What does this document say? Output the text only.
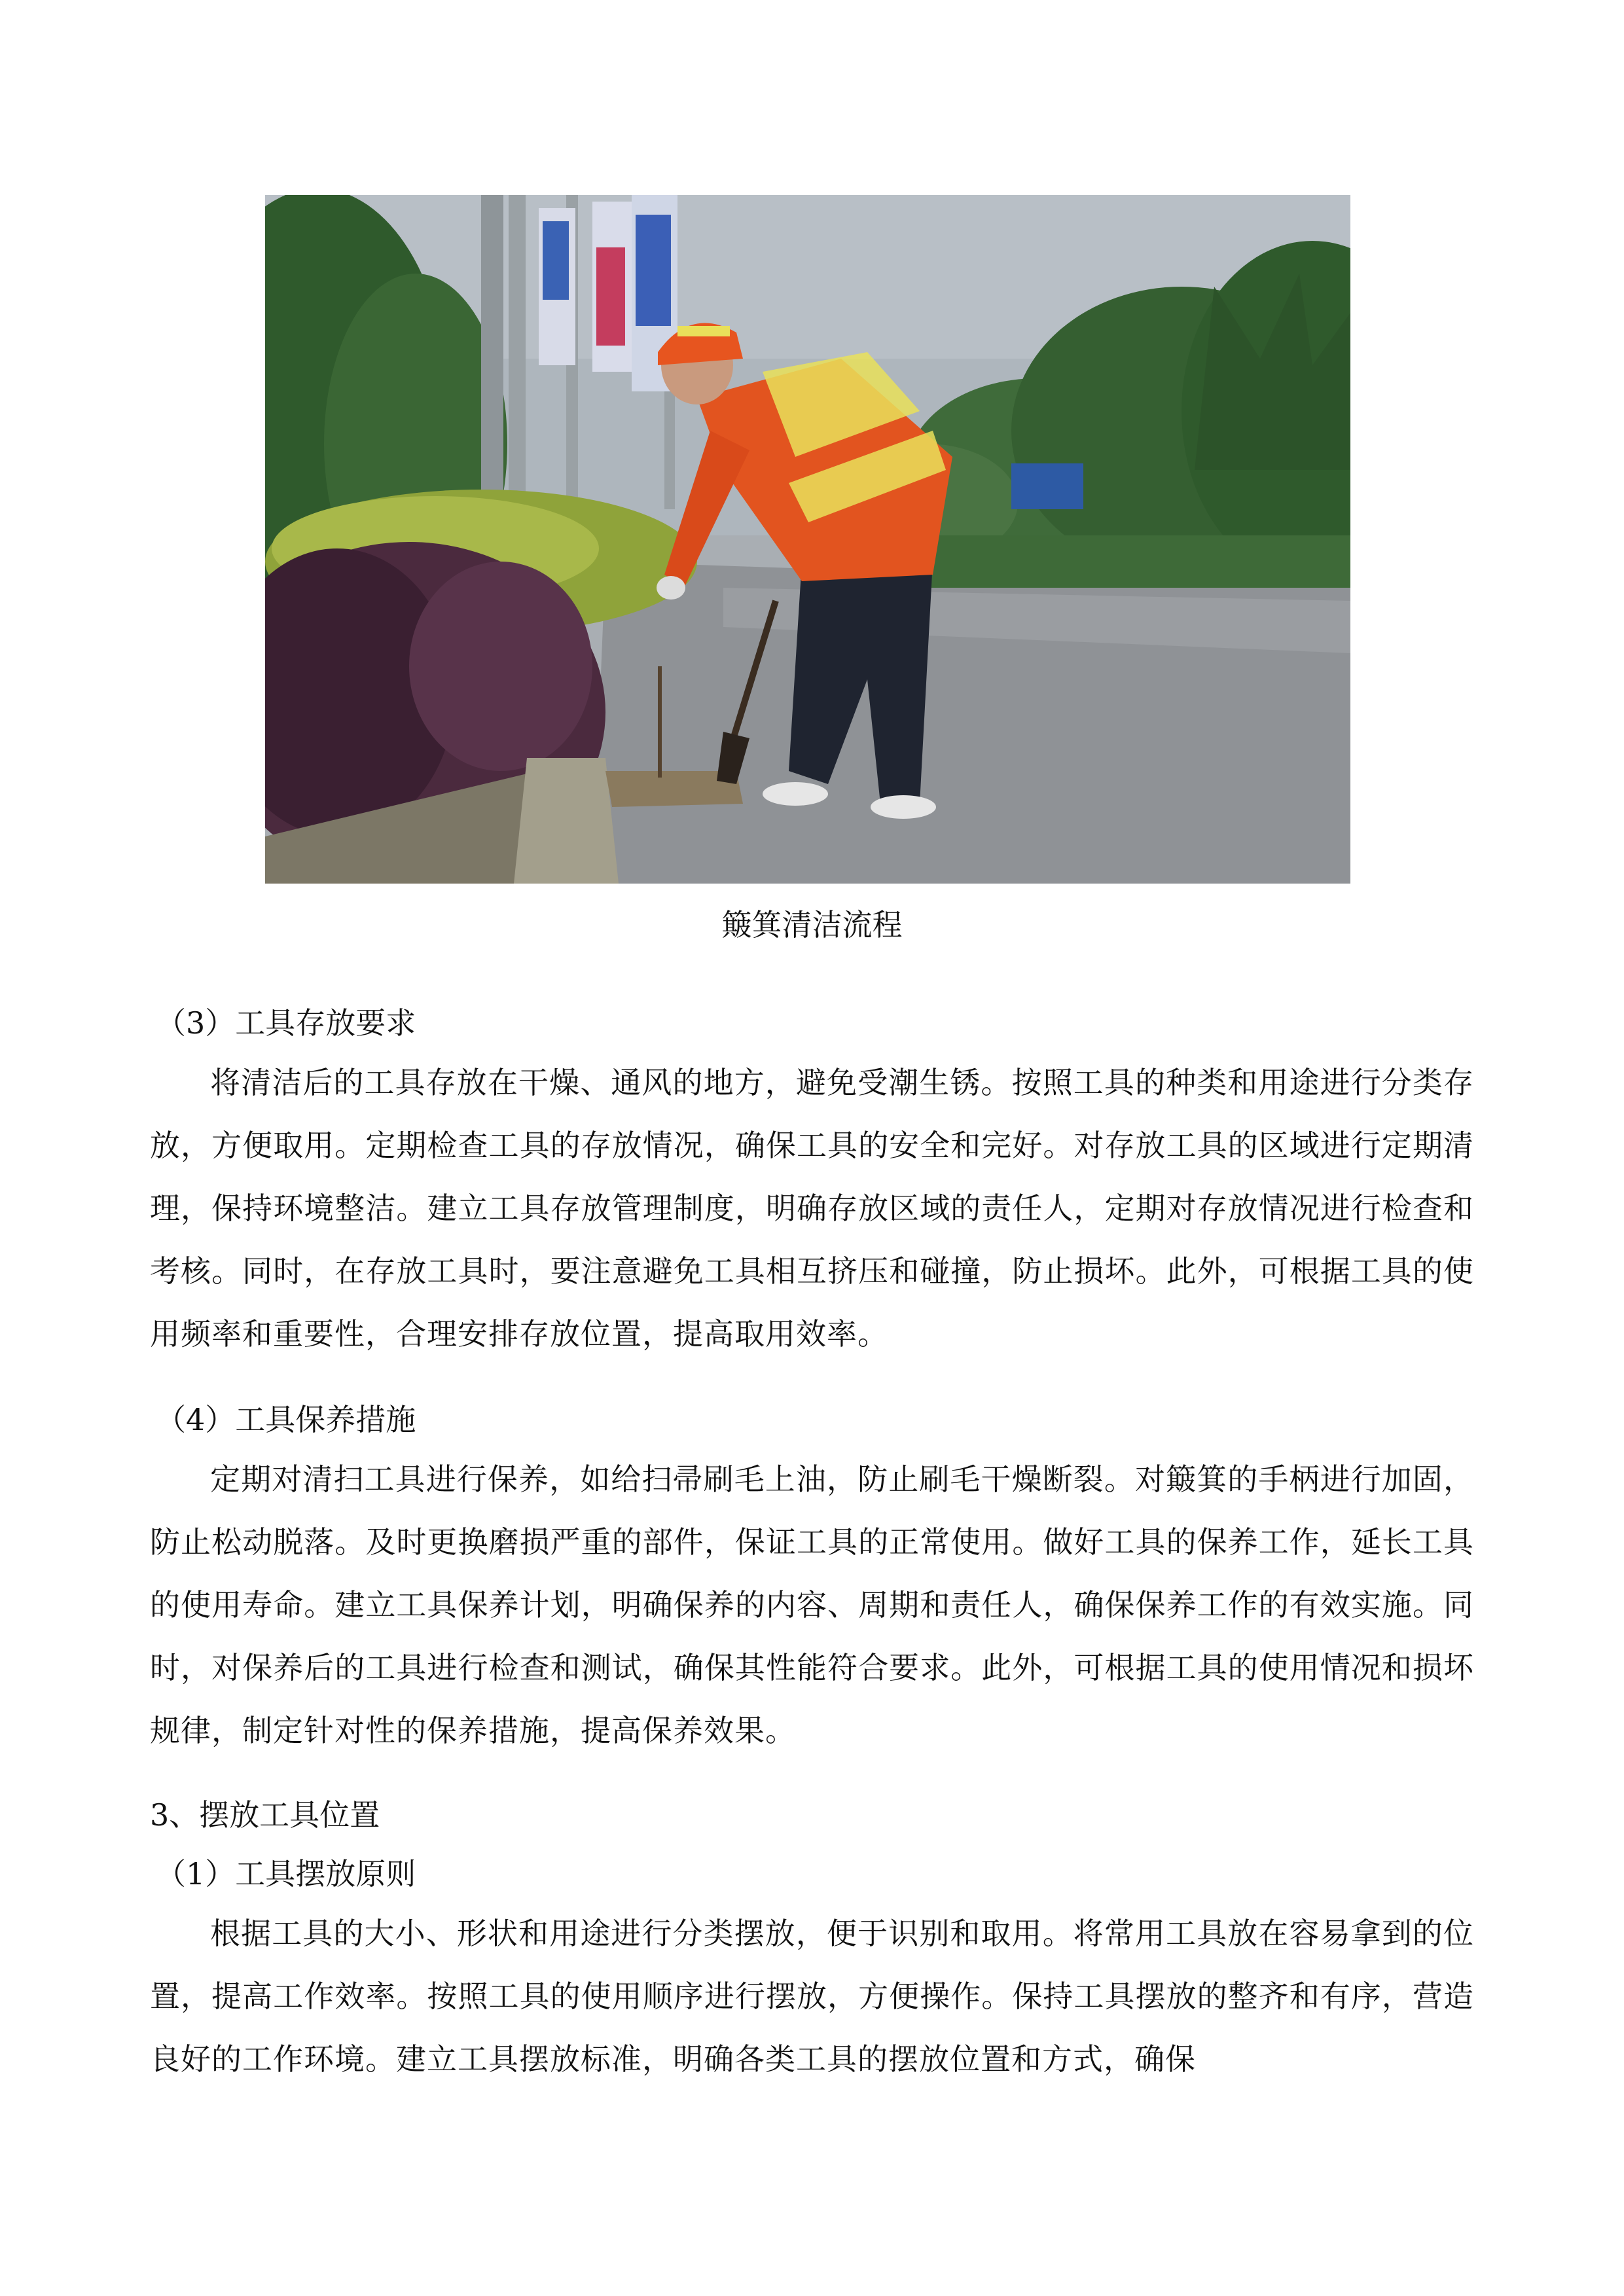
簸箕清洁流程
（3）工具存放要求

将清洁后的工具存放在干燥、通风的地方，避免受潮生锈。按照工具的种类和用途进行分类存放，方便取用。定期检查工具的存放情况，确保工具的安全和完好。对存放工具的区域进行定期清理，保持环境整洁。建立工具存放管理制度，明确存放区域的责任人，定期对存放情况进行检查和考核。同时，在存放工具时，要注意避免工具相互挤压和碰撞，防止损坏。此外，可根据工具的使用频率和重要性，合理安排存放位置，提高取用效率。

（4）工具保养措施

定期对清扫工具进行保养，如给扫帚刷毛上油，防止刷毛干燥断裂。对簸箕的手柄进行加固，防止松动脱落。及时更换磨损严重的部件，保证工具的正常使用。做好工具的保养工作，延长工具的使用寿命。建立工具保养计划，明确保养的内容、周期和责任人，确保保养工作的有效实施。同时，对保养后的工具进行检查和测试，确保其性能符合要求。此外，可根据工具的使用情况和损坏规律，制定针对性的保养措施，提高保养效果。

3、摆放工具位置
（1）工具摆放原则

根据工具的大小、形状和用途进行分类摆放，便于识别和取用。将常用工具放在容易拿到的位置，提高工作效率。按照工具的使用顺序进行摆放，方便操作。保持工具摆放的整齐和有序，营造良好的工作环境。建立工具摆放标准，明确各类工具的摆放位置和方式，确保
